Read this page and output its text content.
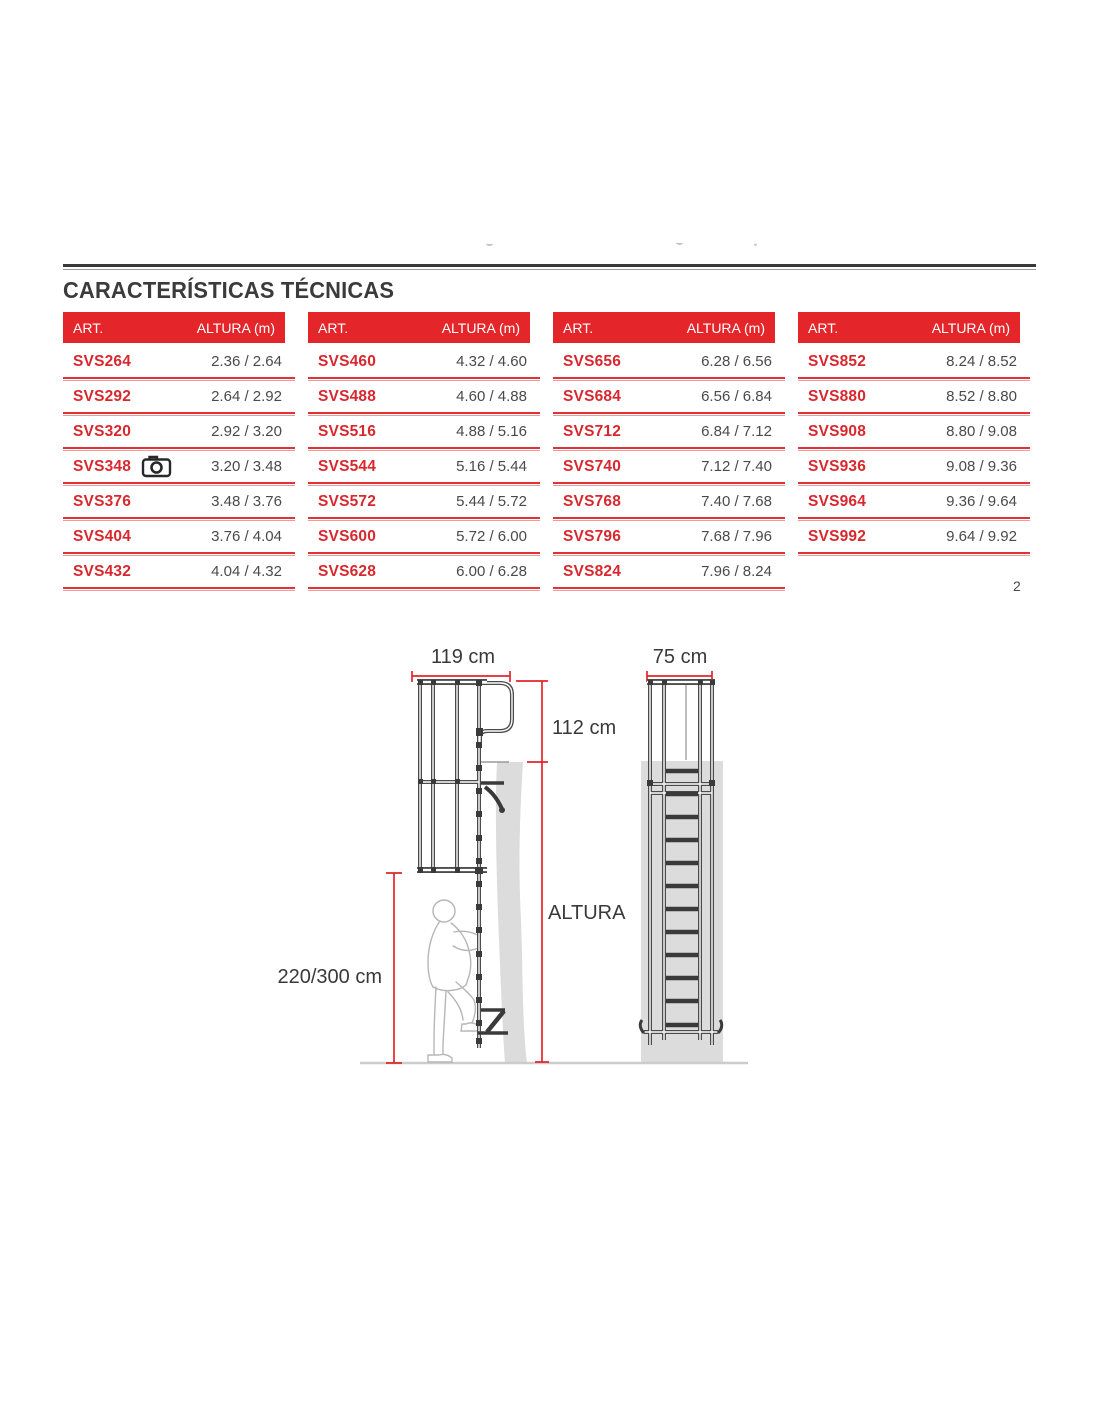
CARACTERÍSTICAS TÉCNICAS
ART.	ALTURA (m)
SVS264	2.36 / 2.64
SVS292	2.64 / 2.92
SVS320	2.92 / 3.20
SVS348	3.20 / 3.48
SVS376	3.48 / 3.76
SVS404	3.76 / 4.04
SVS432	4.04 / 4.32
ART.	ALTURA (m)
SVS460	4.32 / 4.60
SVS488	4.60 / 4.88
SVS516	4.88 / 5.16
SVS544	5.16 / 5.44
SVS572	5.44 / 5.72
SVS600	5.72 / 6.00
SVS628	6.00 / 6.28
ART.	ALTURA (m)
SVS656	6.28 / 6.56
SVS684	6.56 / 6.84
SVS712	6.84 / 7.12
SVS740	7.12 / 7.40
SVS768	7.40 / 7.68
SVS796	7.68 / 7.96
SVS824	7.96 / 8.24
ART.	ALTURA (m)
SVS852	8.24 / 8.52
SVS880	8.52 / 8.80
SVS908	8.80 / 9.08
SVS936	9.08 / 9.36
SVS964	9.36 / 9.64
SVS992	9.64 / 9.92
2
119 cm	75 cm
112 cm
ALTURA
220/300 cm
